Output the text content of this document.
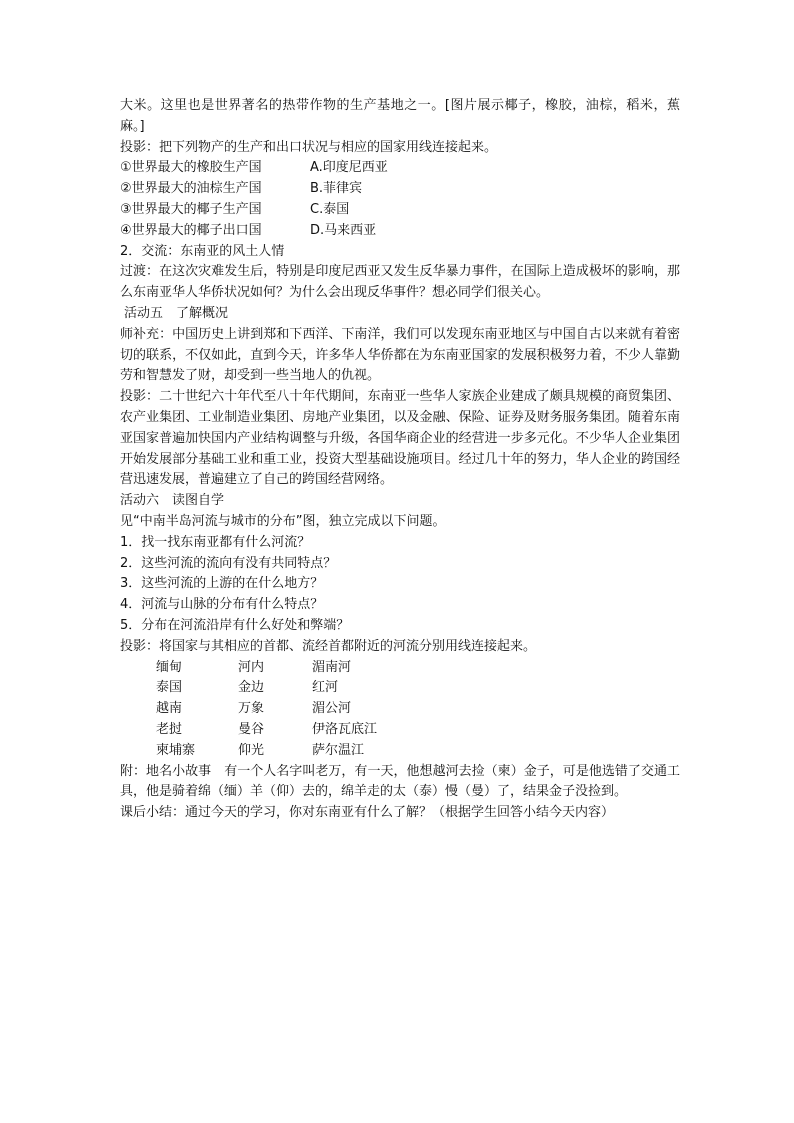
大米。这里也是世界著名的热带作物的生产基地之一。[图片展示椰子，橡胶，油棕，稻米，蕉麻。]

投影：把下列物产的生产和出口状况与相应的国家用线连接起来。

①世界最大的橡胶生产国	A.印度尼西亚

②世界最大的油棕生产国	B.菲律宾

③世界最大的椰子生产国	C.泰国

④世界最大的椰子出口国	D.马来西亚

2．交流：东南亚的风土人情

过渡：在这次灾难发生后，特别是印度尼西亚又发生反华暴力事件，在国际上造成极坏的影响，那么东南亚华人华侨状况如何？为什么会出现反华事件？想必同学们很关心。

活动五　了解概况

师补充：中国历史上讲到郑和下西洋、下南洋，我们可以发现东南亚地区与中国自古以来就有着密切的联系，不仅如此，直到今天，许多华人华侨都在为东南亚国家的发展积极努力着，不少人靠勤劳和智慧发了财，却受到一些当地人的仇视。

投影：二十世纪六十年代至八十年代期间，东南亚一些华人家族企业建成了颇具规模的商贸集团、农产业集团、工业制造业集团、房地产业集团，以及金融、保险、证券及财务服务集团。随着东南亚国家普遍加快国内产业结构调整与升级，各国华商企业的经营进一步多元化。不少华人企业集团开始发展部分基础工业和重工业，投资大型基础设施项目。经过几十年的努力，华人企业的跨国经营迅速发展，普遍建立了自己的跨国经营网络。

活动六　读图自学

见“中南半岛河流与城市的分布”图，独立完成以下问题。

1．找一找东南亚都有什么河流？

2．这些河流的流向有没有共同特点？

3．这些河流的上游的在什么地方？

4．河流与山脉的分布有什么特点？

5．分布在河流沿岸有什么好处和弊端？

投影：将国家与其相应的首都、流经首都附近的河流分别用线连接起来。

缅甸	河内	湄南河
泰国	金边	红河
越南	万象	湄公河
老挝	曼谷	伊洛瓦底江
柬埔寨	仰光	萨尔温江

附：地名小故事　有一个人名字叫老万，有一天，他想越河去捡（柬）金子，可是他选错了交通工具，他是骑着绵（缅）羊（仰）去的，绵羊走的太（泰）慢（曼）了，结果金子没捡到。

课后小结：通过今天的学习，你对东南亚有什么了解？（根据学生回答小结今天内容）
